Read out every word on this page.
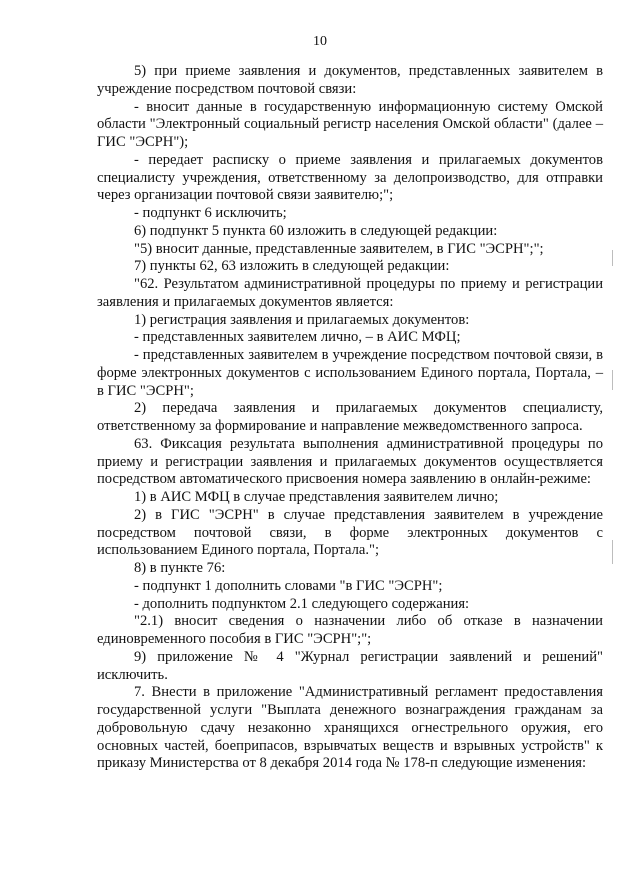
10

5) при приеме заявления и документов, представленных заявителем в учреждение посредством почтовой связи:

- вносит данные в государственную информационную систему Омской области "Электронный социальный регистр населения Омской области" (далее – ГИС "ЭСРН");

- передает расписку о приеме заявления и прилагаемых документов специалисту учреждения, ответственному за делопроизводство, для отправки через организации почтовой связи заявителю;";

- подпункт 6 исключить;

6) подпункт 5 пункта 60 изложить в следующей редакции:

"5) вносит данные, представленные заявителем, в ГИС "ЭСРН";";

7) пункты 62, 63 изложить в следующей редакции:

"62. Результатом административной процедуры по приему и регистрации заявления и прилагаемых документов является:

1) регистрация заявления и прилагаемых документов:

- представленных заявителем лично, – в АИС МФЦ;

- представленных заявителем в учреждение посредством почтовой связи, в форме электронных документов с использованием Единого портала, Портала, – в ГИС "ЭСРН";

2) передача заявления и прилагаемых документов специалисту, ответственному за формирование и направление межведомственного запроса.

63. Фиксация результата выполнения административной процедуры по приему и регистрации заявления и прилагаемых документов осуществляется посредством автоматического присвоения номера заявлению в онлайн-режиме:

1) в АИС МФЦ в случае представления заявителем лично;

2) в ГИС "ЭСРН" в случае представления заявителем в учреждение посредством почтовой связи, в форме электронных документов с использованием Единого портала, Портала.";

8) в пункте 76:

- подпункт 1 дополнить словами "в ГИС "ЭСРН";

- дополнить подпунктом 2.1 следующего содержания:

"2.1) вносит сведения о назначении либо об отказе в назначении единовременного пособия в ГИС "ЭСРН";";

9) приложение № 4 "Журнал регистрации заявлений и решений" исключить.

7. Внести в приложение "Административный регламент предоставления государственной услуги "Выплата денежного вознаграждения гражданам за добровольную сдачу незаконно хранящихся огнестрельного оружия, его основных частей, боеприпасов, взрывчатых веществ и взрывных устройств" к приказу Министерства от 8 декабря 2014 года № 178-п следующие изменения:
